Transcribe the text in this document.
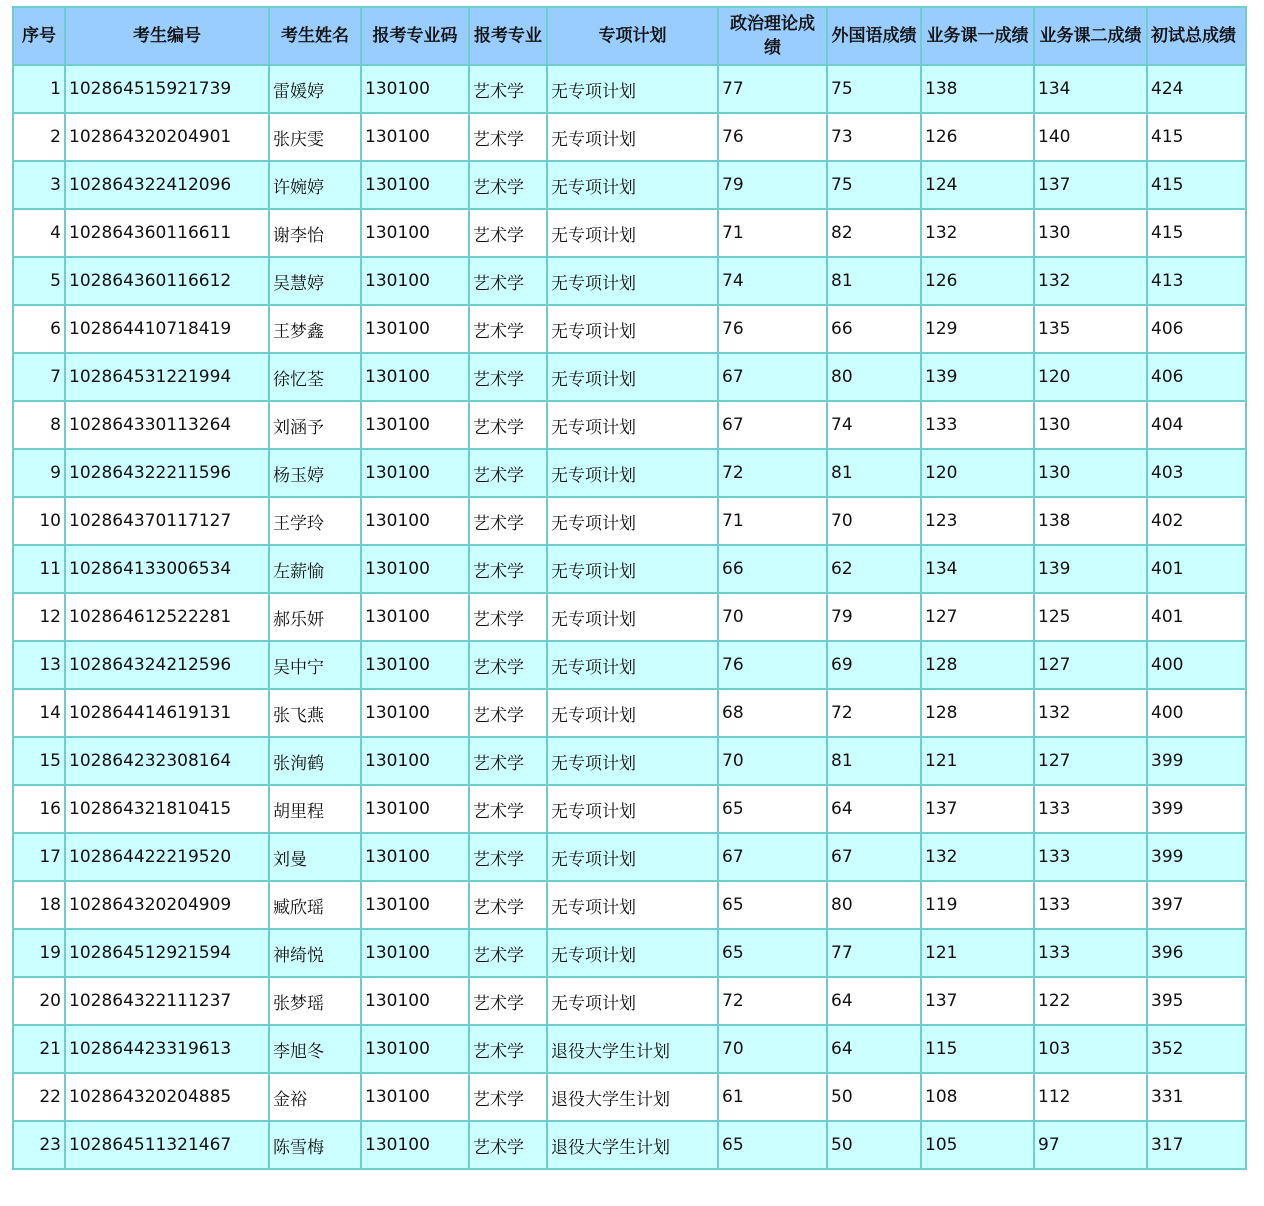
序号	考生编号	考生姓名	报考专业码	报考专业	专项计划	政治理论成绩	外国语成绩	业务课一成绩	业务课二成绩	初试总成绩
1	102864515921739	雷媛婷	130100	艺术学	无专项计划	77	75	138	134	424
2	102864320204901	张庆雯	130100	艺术学	无专项计划	76	73	126	140	415
3	102864322412096	许婉婷	130100	艺术学	无专项计划	79	75	124	137	415
4	102864360116611	谢李怡	130100	艺术学	无专项计划	71	82	132	130	415
5	102864360116612	吴慧婷	130100	艺术学	无专项计划	74	81	126	132	413
6	102864410718419	王梦鑫	130100	艺术学	无专项计划	76	66	129	135	406
7	102864531221994	徐忆荃	130100	艺术学	无专项计划	67	80	139	120	406
8	102864330113264	刘涵予	130100	艺术学	无专项计划	67	74	133	130	404
9	102864322211596	杨玉婷	130100	艺术学	无专项计划	72	81	120	130	403
10	102864370117127	王学玲	130100	艺术学	无专项计划	71	70	123	138	402
11	102864133006534	左薪愉	130100	艺术学	无专项计划	66	62	134	139	401
12	102864612522281	郝乐妍	130100	艺术学	无专项计划	70	79	127	125	401
13	102864324212596	吴中宁	130100	艺术学	无专项计划	76	69	128	127	400
14	102864414619131	张飞燕	130100	艺术学	无专项计划	68	72	128	132	400
15	102864232308164	张洵鹤	130100	艺术学	无专项计划	70	81	121	127	399
16	102864321810415	胡里程	130100	艺术学	无专项计划	65	64	137	133	399
17	102864422219520	刘曼	130100	艺术学	无专项计划	67	67	132	133	399
18	102864320204909	臧欣瑶	130100	艺术学	无专项计划	65	80	119	133	397
19	102864512921594	神绮悦	130100	艺术学	无专项计划	65	77	121	133	396
20	102864322111237	张梦瑶	130100	艺术学	无专项计划	72	64	137	122	395
21	102864423319613	李旭冬	130100	艺术学	退役大学生计划	70	64	115	103	352
22	102864320204885	金裕	130100	艺术学	退役大学生计划	61	50	108	112	331
23	102864511321467	陈雪梅	130100	艺术学	退役大学生计划	65	50	105	97	317
